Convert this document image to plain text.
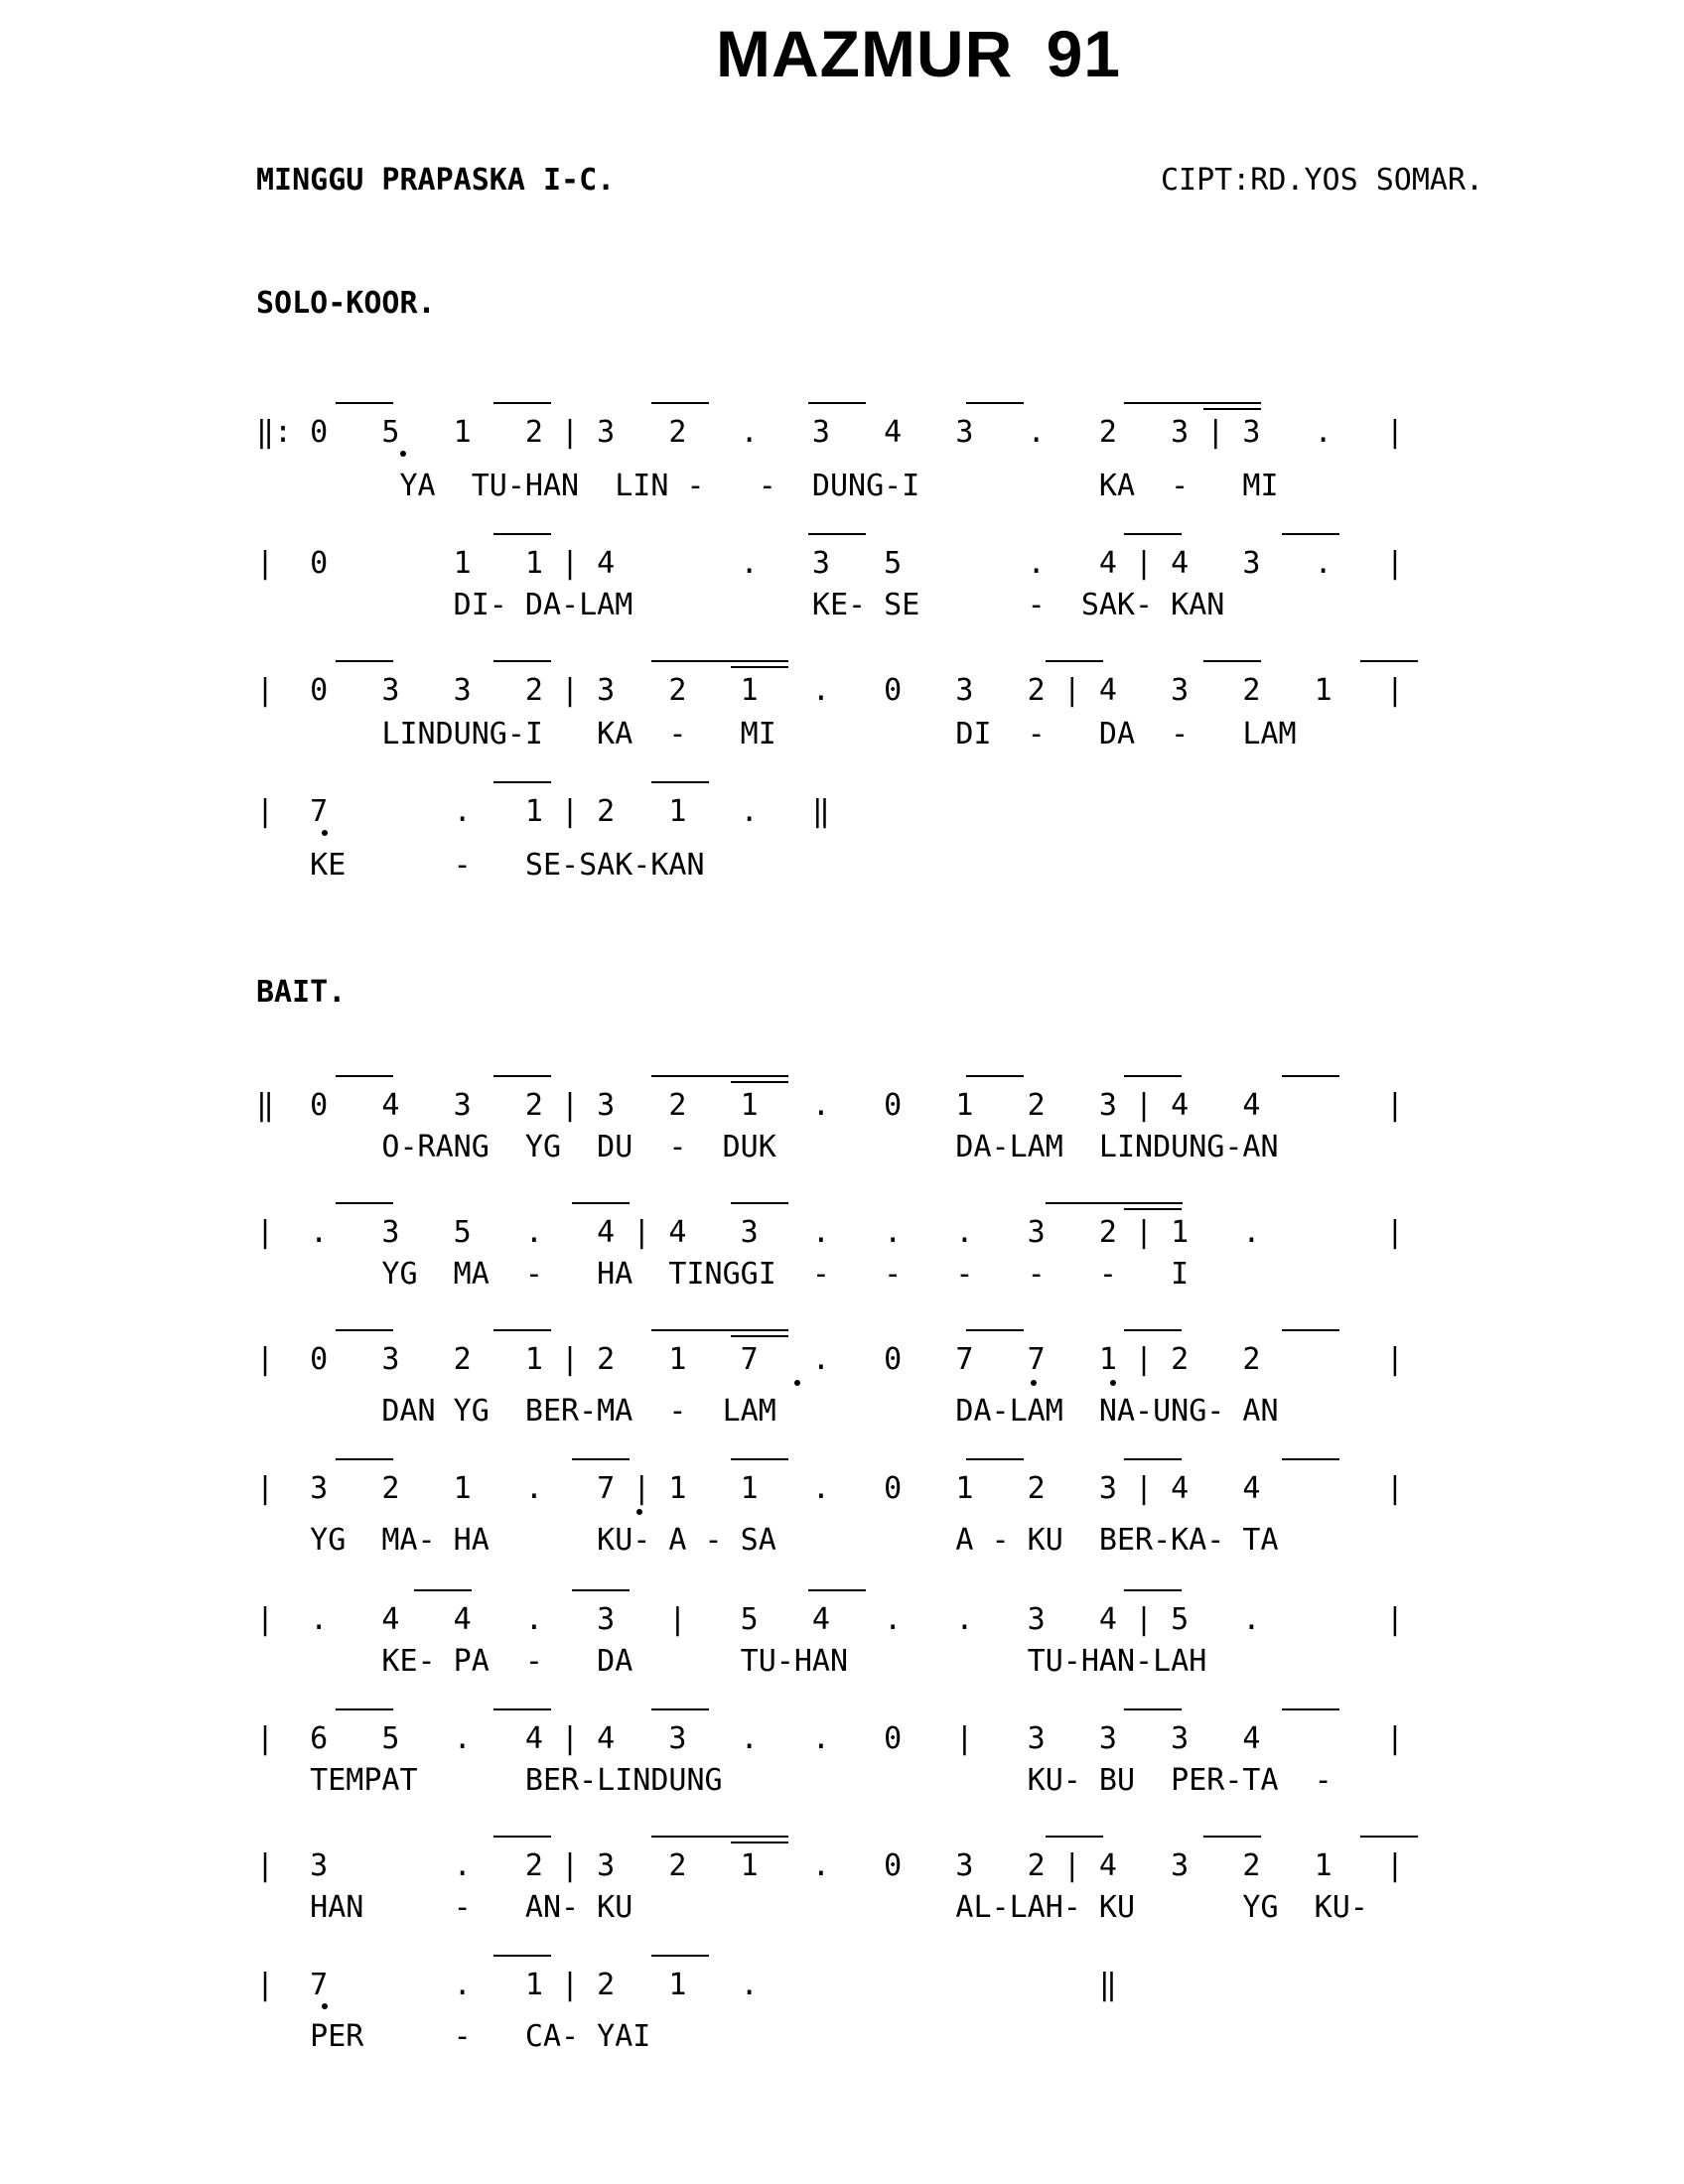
MAZMUR 91
MINGGU PRAPASKA I-C.	CIPT:RD.YOS SOMAR.
SOLO-KOOR.
‖: 0   5   1   2 | 3   2   .   3   4   3   .   2   3 | 3   .   |
YA  TU-HAN  LIN -   -  DUNG-I          KA  -   MI
|  0       1   1 | 4       .   3   5       .   4 | 4   3   .   |
DI- DA-LAM          KE- SE      -  SAK- KAN
|  0   3   3   2 | 3   2   1   .   0   3   2 | 4   3   2   1   |
LINDUNG-I   KA  -   MI          DI  -   DA  -   LAM
|  7       .   1 | 2   1   .   ‖
KE      -   SE-SAK-KAN
BAIT.
‖  0   4   3   2 | 3   2   1   .   0   1   2   3 | 4   4       |
O-RANG  YG  DU  -  DUK          DA-LAM  LINDUNG-AN
|  .   3   5   .   4 | 4   3   .   .   .   3   2 | 1   .       |
YG  MA  -   HA  TINGGI  -   -   -   -   -   I
|  0   3   2   1 | 2   1   7   .   0   7   7   1 | 2   2       |
DAN YG  BER-MA  -  LAM          DA-LAM  NA-UNG- AN
|  3   2   1   .   7 | 1   1   .   0   1   2   3 | 4   4       |
YG  MA- HA      KU- A - SA          A - KU  BER-KA- TA
|  .   4   4   .   3   |   5   4   .   .   3   4 | 5   .       |
KE- PA  -   DA      TU-HAN          TU-HAN-LAH
|  6   5   .   4 | 4   3   .   .   0   |   3   3   3   4       |
TEMPAT      BER-LINDUNG                 KU- BU  PER-TA  -
|  3       .   2 | 3   2   1   .   0   3   2 | 4   3   2   1   |
HAN     -   AN- KU                  AL-LAH- KU      YG  KU-
|  7       .   1 | 2   1   .                   ‖
PER     -   CA- YAI
